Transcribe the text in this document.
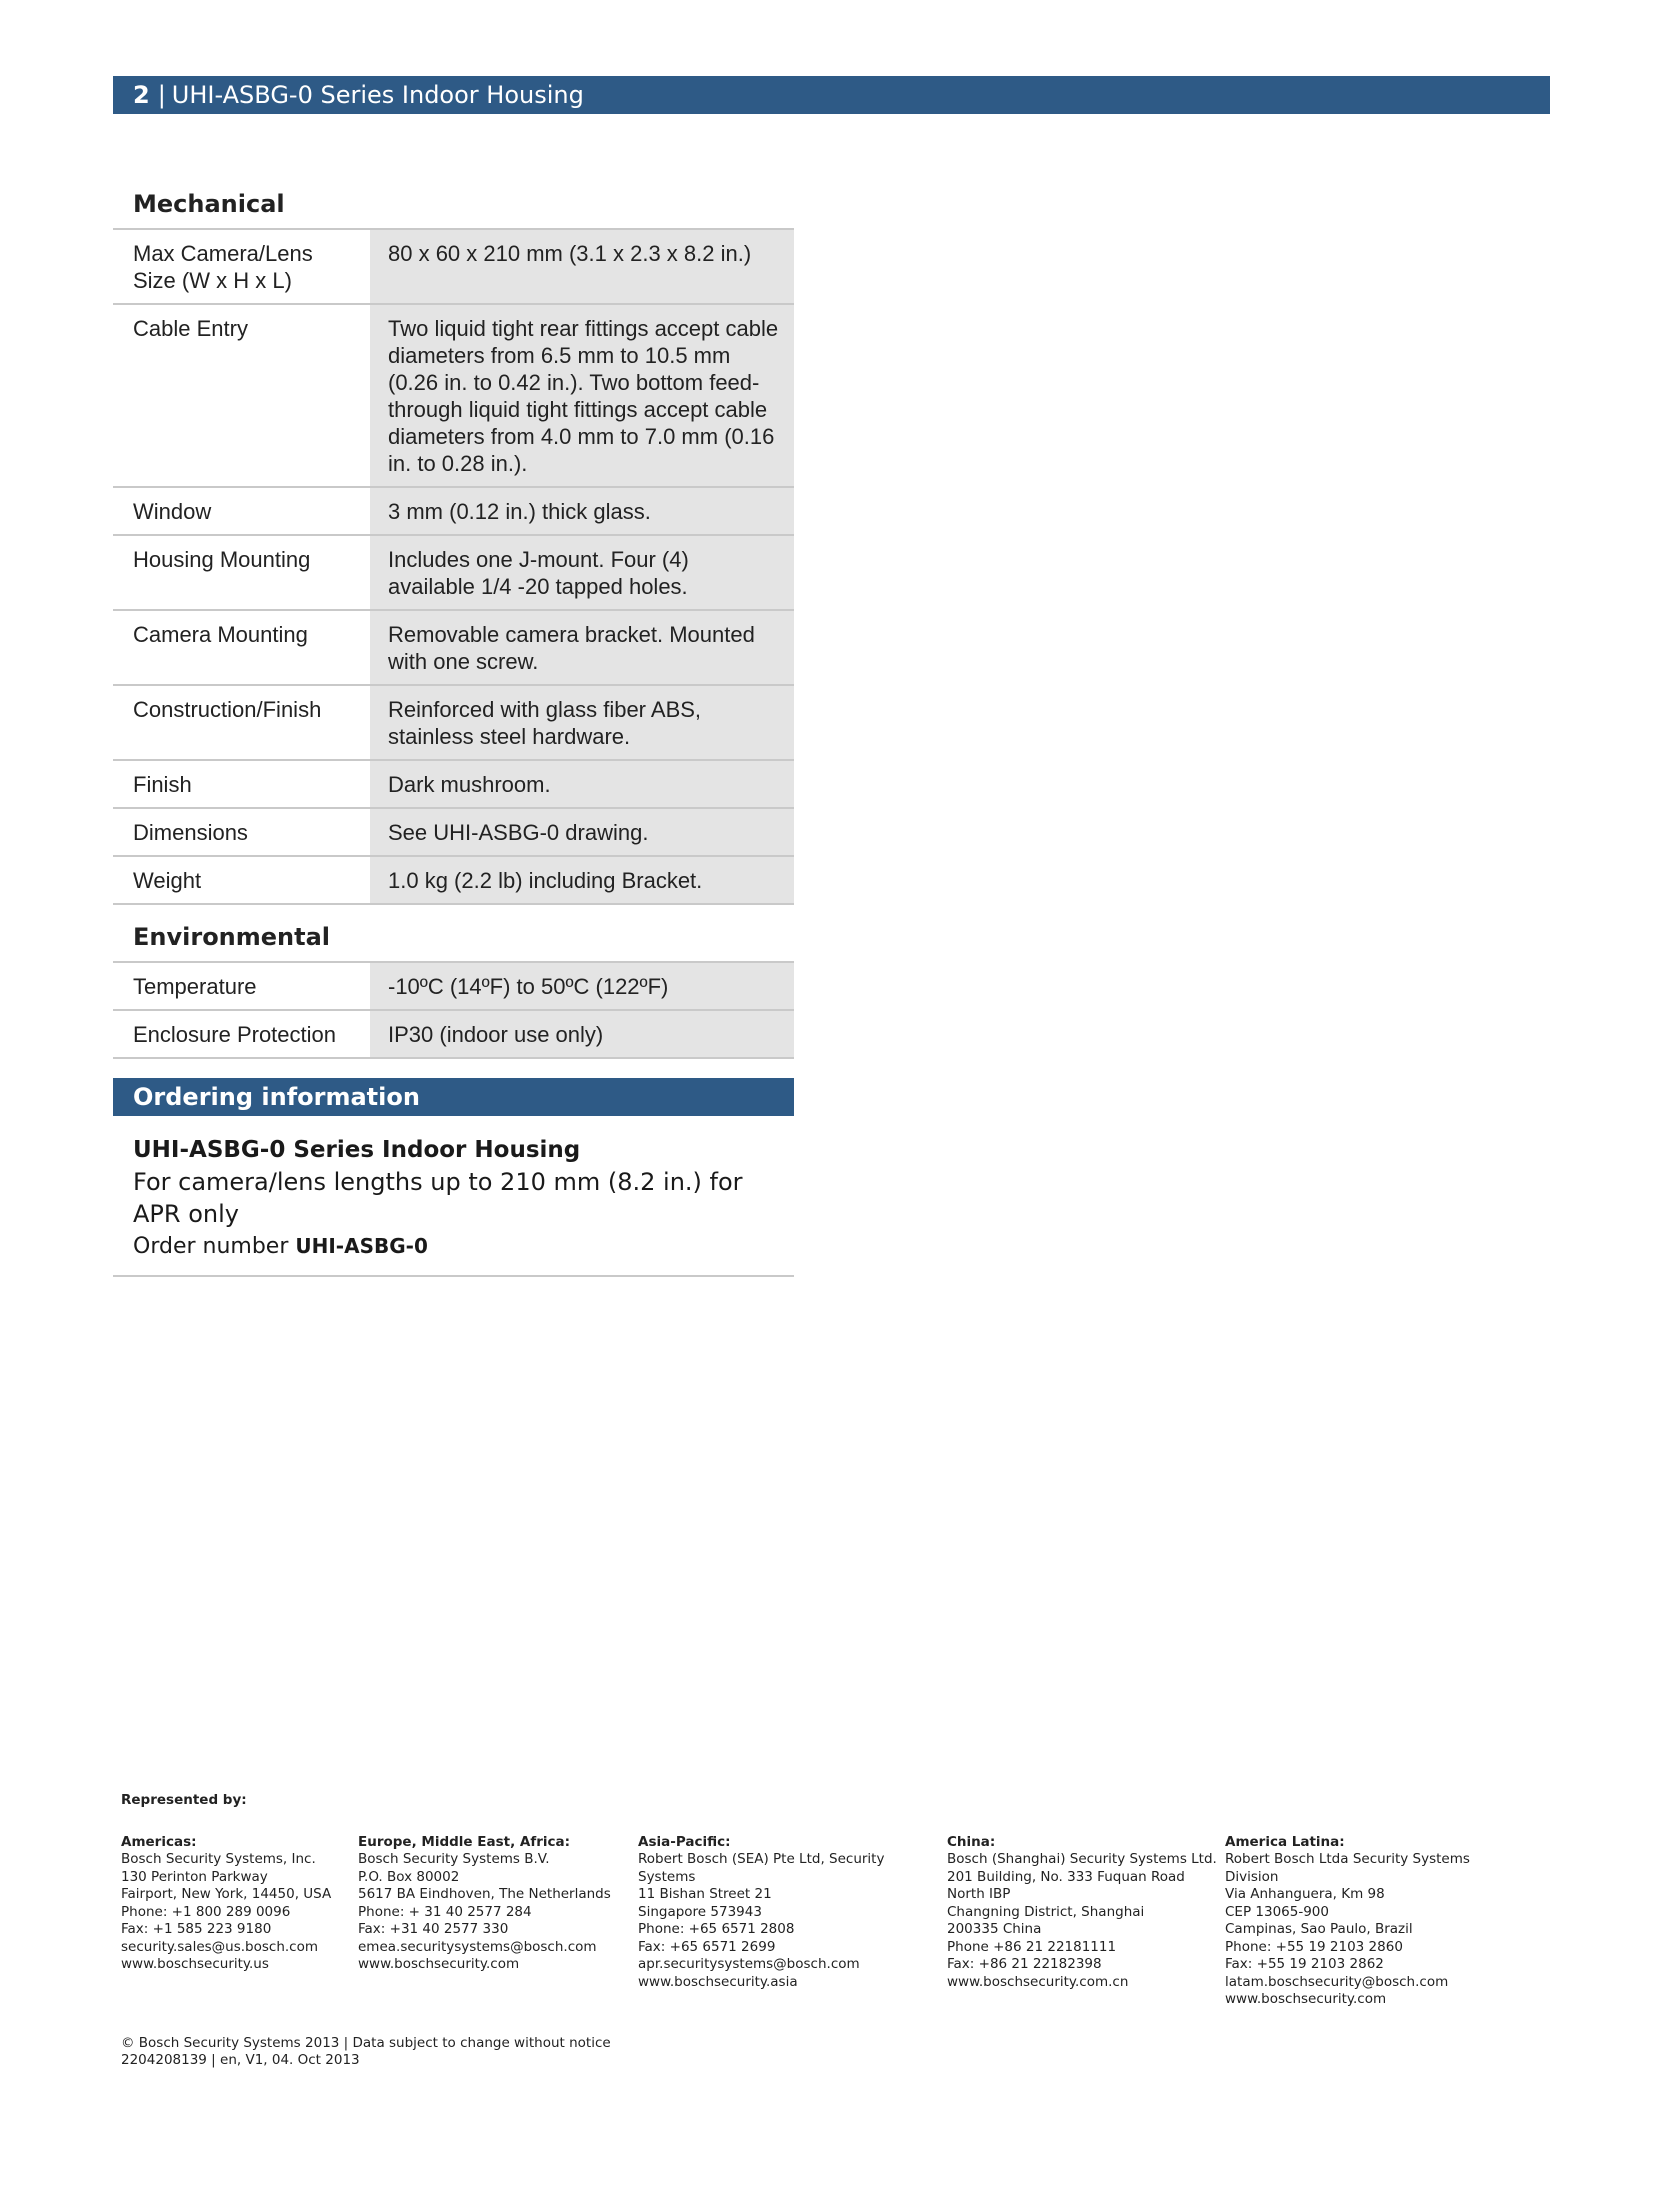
2 | UHI-ASBG-0 Series Indoor Housing
Mechanical
Max Camera/Lens Size (W x H x L)	80 x 60 x 210 mm (3.1 x 2.3 x 8.2 in.)
Cable Entry	Two liquid tight rear fittings accept cable diameters from 6.5 mm to 10.5 mm (0.26 in. to 0.42 in.). Two bottom feed-through liquid tight fittings accept cable diameters from 4.0 mm to 7.0 mm (0.16 in. to 0.28 in.).
Window	3 mm (0.12 in.) thick glass.
Housing Mounting	Includes one J-mount. Four (4) available 1/4 -20 tapped holes.
Camera Mounting	Removable camera bracket. Mounted with one screw.
Construction/Finish	Reinforced with glass fiber ABS, stainless steel hardware.
Finish	Dark mushroom.
Dimensions	See UHI-ASBG-0 drawing.
Weight	1.0 kg (2.2 lb) including Bracket.
Environmental
Temperature	-10ºC (14ºF) to 50ºC (122ºF)
Enclosure Protection	IP30 (indoor use only)
Ordering information
UHI-ASBG-0 Series Indoor Housing
For camera/lens lengths up to 210 mm (8.2 in.) for APR only
Order number UHI-ASBG-0
Represented by:
Americas:
Bosch Security Systems, Inc.
130 Perinton Parkway
Fairport, New York, 14450, USA
Phone: +1 800 289 0096
Fax: +1 585 223 9180
security.sales@us.bosch.com
www.boschsecurity.us
Europe, Middle East, Africa:
Bosch Security Systems B.V.
P.O. Box 80002
5617 BA Eindhoven, The Netherlands
Phone: + 31 40 2577 284
Fax: +31 40 2577 330
emea.securitysystems@bosch.com
www.boschsecurity.com
Asia-Pacific:
Robert Bosch (SEA) Pte Ltd, Security
Systems
11 Bishan Street 21
Singapore 573943
Phone: +65 6571 2808
Fax: +65 6571 2699
apr.securitysystems@bosch.com
www.boschsecurity.asia
China:
Bosch (Shanghai) Security Systems Ltd.
201 Building, No. 333 Fuquan Road
North IBP
Changning District, Shanghai
200335 China
Phone +86 21 22181111
Fax: +86 21 22182398
www.boschsecurity.com.cn
America Latina:
Robert Bosch Ltda Security Systems Division
Via Anhanguera, Km 98
CEP 13065-900
Campinas, Sao Paulo, Brazil
Phone: +55 19 2103 2860
Fax: +55 19 2103 2862
latam.boschsecurity@bosch.com
www.boschsecurity.com
© Bosch Security Systems 2013 | Data subject to change without notice
2204208139 | en, V1, 04. Oct 2013
